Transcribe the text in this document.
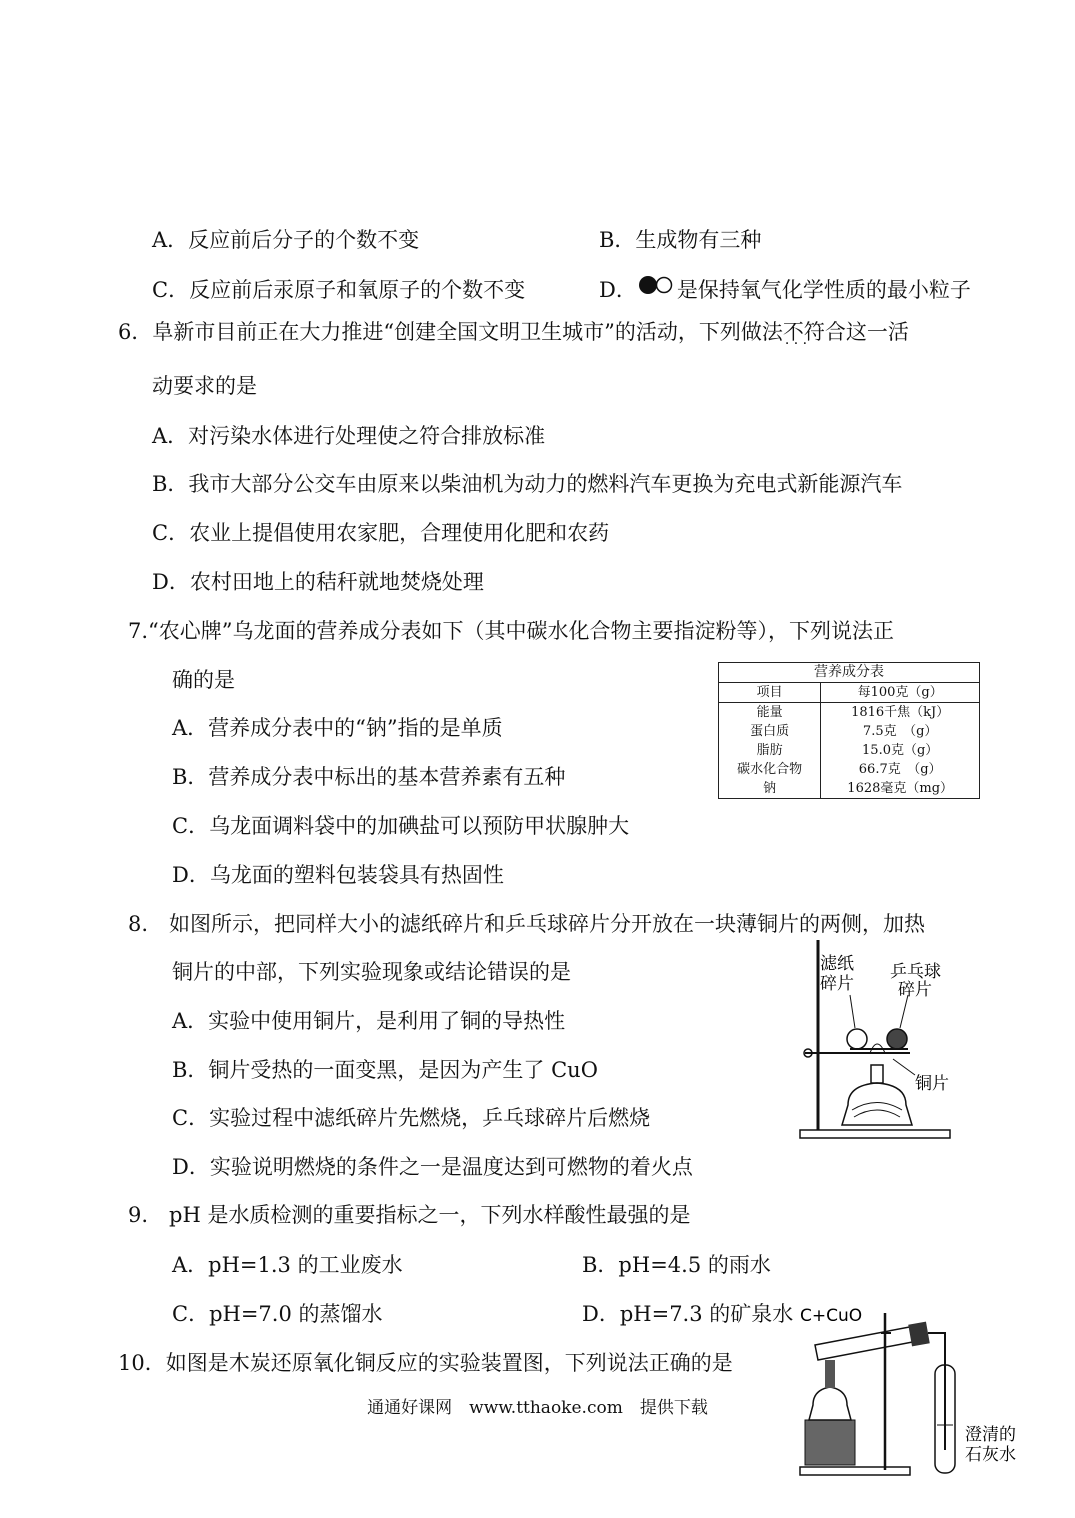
A．反应前后分子的个数不变	B．生成物有三种
C．反应前后汞原子和氧原子的个数不变	D． 是保持氧气化学性质的最小粒子
6．阜新市目前正在大力推进“创建全国文明卫生城市”的活动，下列做法不符合 · · ·这一活
动要求的是
A．对污染水体进行处理使之符合排放标准
B．我市大部分公交车由原来以柴油机为动力的燃料汽车更换为充电式新能源汽车
C．农业上提倡使用农家肥，合理使用化肥和农药
D．农村田地上的秸秆就地焚烧处理
7.“农心牌”乌龙面的营养成分表如下（其中碳水化合物主要指淀粉等），下列说法正
确的是
A．营养成分表中的“钠”指的是单质
B．营养成分表中标出的基本营养素有五种
C．乌龙面调料袋中的加碘盐可以预防甲状腺肿大
D．乌龙面的塑料包装袋具有热固性
营养成分表	
项目	每100克（g）
能量	1816千焦（kJ）
蛋白质	7.5克　（g）
脂肪	15.0克（g）
碳水化合物	66.7克　（g）
钠	1628毫克（mg）
8.　如图所示，把同样大小的滤纸碎片和乒乓球碎片分开放在一块薄铜片的两侧，加热
铜片的中部，下列实验现象或结论错误的是
A．实验中使用铜片，是利用了铜的导热性
B．铜片受热的一面变黑，是因为产生了 CuO
C．实验过程中滤纸碎片先燃烧，乒乓球碎片后燃烧
D．实验说明燃烧的条件之一是温度达到可燃物的着火点
滤纸
碎片
乒乓球
碎片
铜片
9.　pH 是水质检测的重要指标之一，下列水样酸性最强的是
A．pH=1.3 的工业废水	B．pH=4.5 的雨水
C．pH=7.0 的蒸馏水	D．pH=7.3 的矿泉水
10．如图是木炭还原氧化铜反应的实验装置图，下列说法正确的是
C+CuO
澄清的
石灰水
通通好课网　www.tthaoke.com　提供下载
